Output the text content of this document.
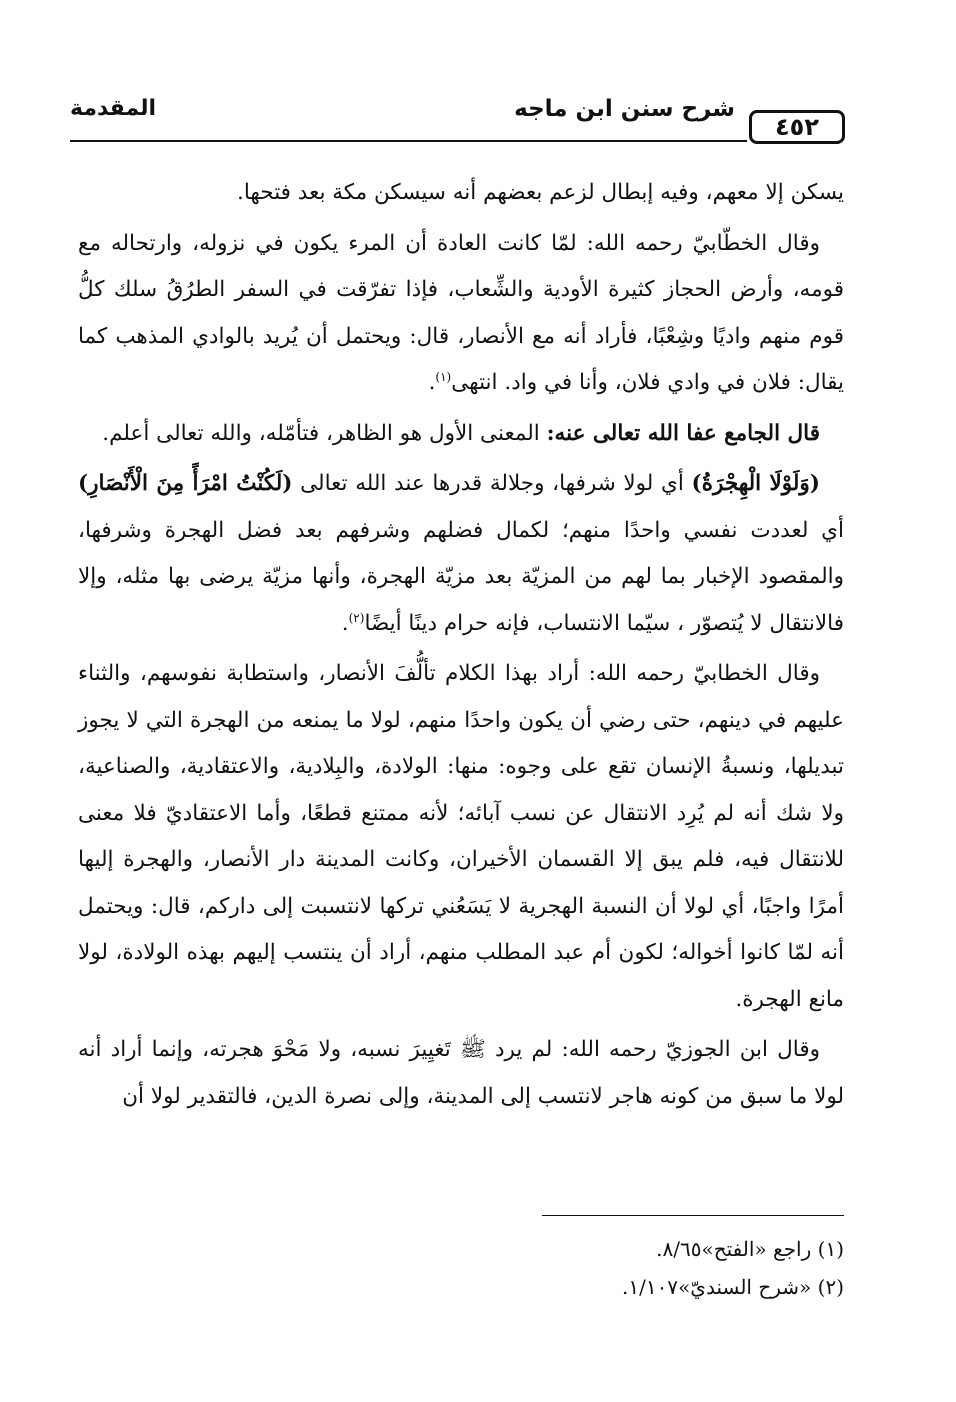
٤٥٢
شرح سنن ابن ماجه
المقدمة

يسكن إلا معهم، وفيه إبطال لزعم بعضهم أنه سيسكن مكة بعد فتحها.

وقال الخطّابيّ رحمه الله: لمّا كانت العادة أن المرء يكون في نزوله، وارتحاله مع قومه، وأرض الحجاز كثيرة الأودية والشِّعاب، فإذا تفرّقت في السفر الطرُقُ سلك كلُّ قوم منهم واديًا وشِعْبًا، فأراد أنه مع الأنصار، قال: ويحتمل أن يُريد بالوادي المذهب كما يقال: فلان في وادي فلان، وأنا في واد. انتهى$^{(١)}$.

قال الجامع عفا الله تعالى عنه: المعنى الأول هو الظاهر، فتأمّله، والله تعالى أعلم.

(وَلَوْلَا الْهِجْرَةُ) أي لولا شرفها، وجلالة قدرها عند الله تعالى (لَكُنْتُ امْرَأً مِنَ الْأَنْصَارِ) أي لعددت نفسي واحدًا منهم؛ لكمال فضلهم وشرفهم بعد فضل الهجرة وشرفها، والمقصود الإخبار بما لهم من المزيّة بعد مزيّة الهجرة، وأنها مزيّة يرضى بها مثله، وإلا فالانتقال لا يُتصوّر ، سيّما الانتساب، فإنه حرام دينًا أيضًا$^{(٢)}$.

وقال الخطابيّ رحمه الله: أراد بهذا الكلام تألُّفَ الأنصار، واستطابة نفوسهم، والثناء عليهم في دينهم، حتى رضي أن يكون واحدًا منهم، لولا ما يمنعه من الهجرة التي لا يجوز تبديلها، ونسبةُ الإنسان تقع على وجوه: منها: الولادة، والبِلادية، والاعتقادية، والصناعية، ولا شك أنه لم يُرِد الانتقال عن نسب آبائه؛ لأنه ممتنع قطعًا، وأما الاعتقاديّ فلا معنى للانتقال فيه، فلم يبق إلا القسمان الأخيران، وكانت المدينة دار الأنصار، والهجرة إليها أمرًا واجبًا، أي لولا أن النسبة الهجرية لا يَسَعُني تركها لانتسبت إلى داركم، قال: ويحتمل أنه لمّا كانوا أخواله؛ لكون أم عبد المطلب منهم، أراد أن ينتسب إليهم بهذه الولادة، لولا مانع الهجرة.

وقال ابن الجوزيّ رحمه الله: لم يرد ﷺ تَغيِيرَ نسبه، ولا مَحْوَ هجرته، وإنما أراد أنه لولا ما سبق من كونه هاجر لانتسب إلى المدينة، وإلى نصرة الدين، فالتقدير لولا أن

(١) راجع «الفتح»٨/٦٥.

(٢) «شرح السنديّ»١/١٠٧.
